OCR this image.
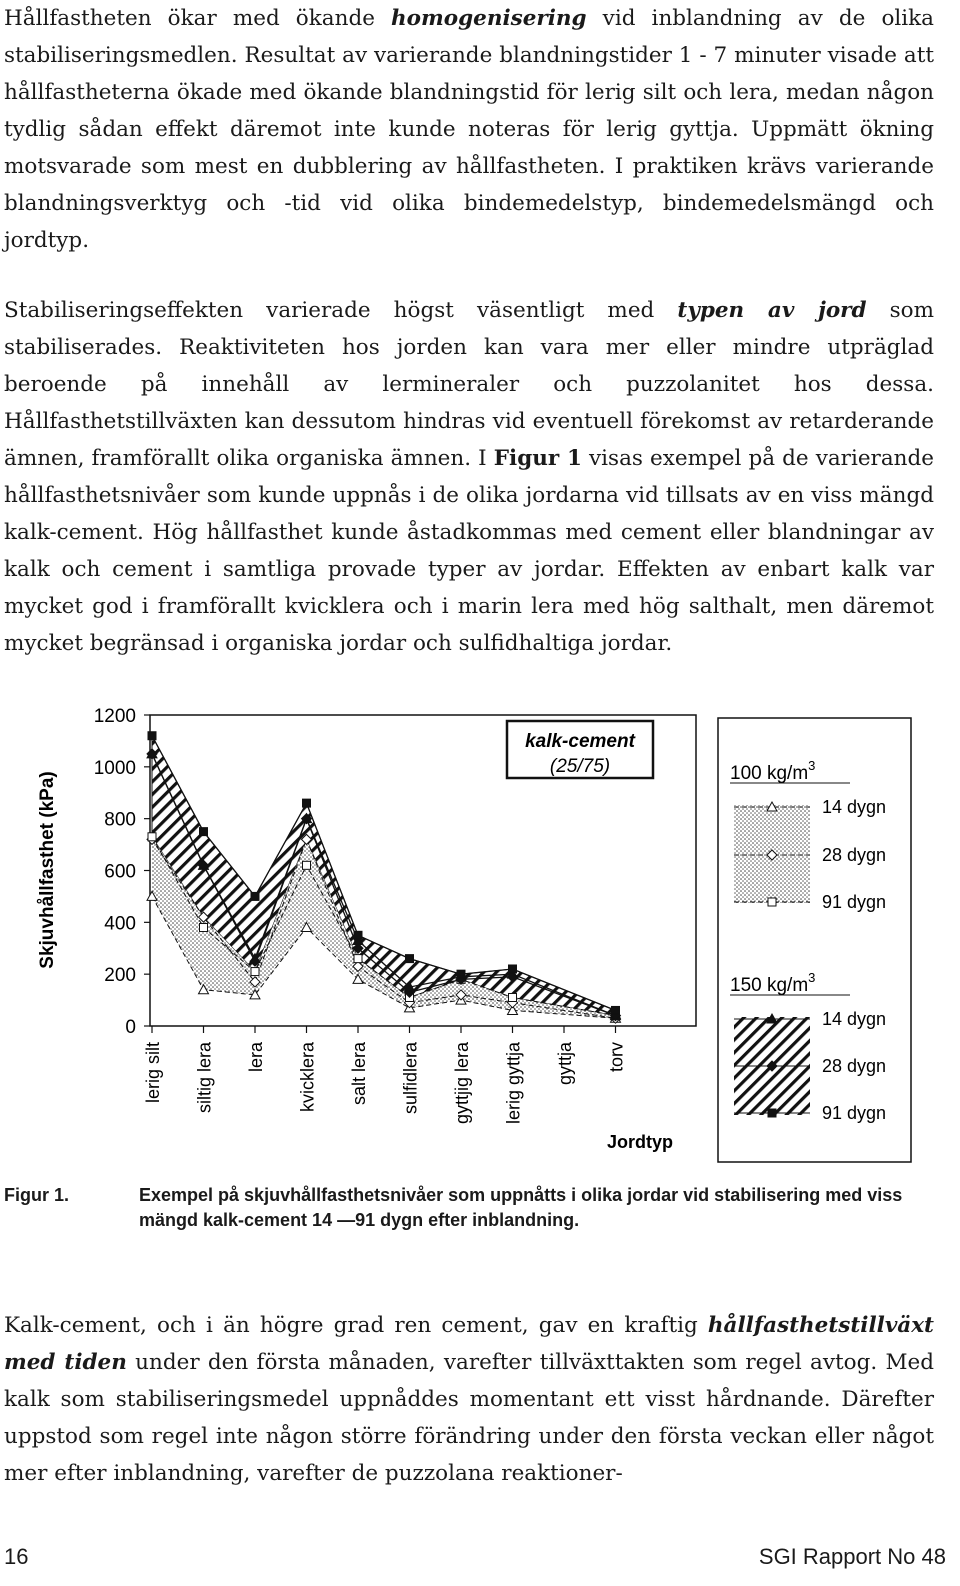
Hållfastheten ökar med ökande homogenisering vid inblandning av de olika stabiliseringsmedlen. Resultat av varierande blandningstider 1 - 7 minuter visade att hållfastheterna ökade med ökande blandningstid för lerig silt och lera, medan någon tydlig sådan effekt däremot inte kunde noteras för lerig gyttja. Uppmätt ökning motsvarade som mest en dubblering av hållfastheten. I praktiken krävs varierande blandningsverktyg och -tid vid olika bindemedelstyp, bindemedelsmängd och jordtyp.

Stabiliseringseffekten varierade högst väsentligt med typen av jord som stabiliserades. Reaktiviteten hos jorden kan vara mer eller mindre utpräglad beroende på innehåll av lermineraler och puzzolanitet hos dessa. Hållfasthetstillväxten kan dessutom hindras vid eventuell förekomst av retarderande ämnen, framförallt olika organiska ämnen. I Figur 1 visas exempel på de varierande hållfasthetsnivåer som kunde uppnås i de olika jordarna vid tillsats av en viss mängd kalk-cement. Hög hållfasthet kunde åstadkommas med cement eller blandningar av kalk och cement i samtliga provade typer av jordar. Effekten av enbart kalk var mycket god i framförallt kvicklera och i marin lera med hög salthalt, men däremot mycket begränsad i organiska jordar och sulfidhaltiga jordar.

0
200
400
600
800
1000
1200
lerig silt siltig lera lera kvicklera salt lera sulfidlera gyttjig lera lerig gyttja gyttja torv
Skjuvhållfasthet (kPa)
Jordtyp
kalk-cement
(25/75)	100 $kg/m^3$
14 dygn
28 dygn
91 dygn
150 $kg/m^3$
14 dygn
28 dygn
91 dygn
Figur 1.	Exempel på skjuvhållfasthetsnivåer som uppnåtts i olika jordar vid stabilisering med viss mängd kalk-cement 14 —91 dygn efter inblandning.

Kalk-cement, och i än högre grad ren cement, gav en kraftig hållfasthetstillväxt med tiden under den första månaden, varefter tillväxttakten som regel avtog. Med kalk som stabiliseringsmedel uppnåddes momentant ett visst hårdnande. Därefter uppstod som regel inte någon större förändring under den första veckan eller något mer efter inblandning, varefter de puzzolana reaktioner-

16	SGI Rapport No 48
